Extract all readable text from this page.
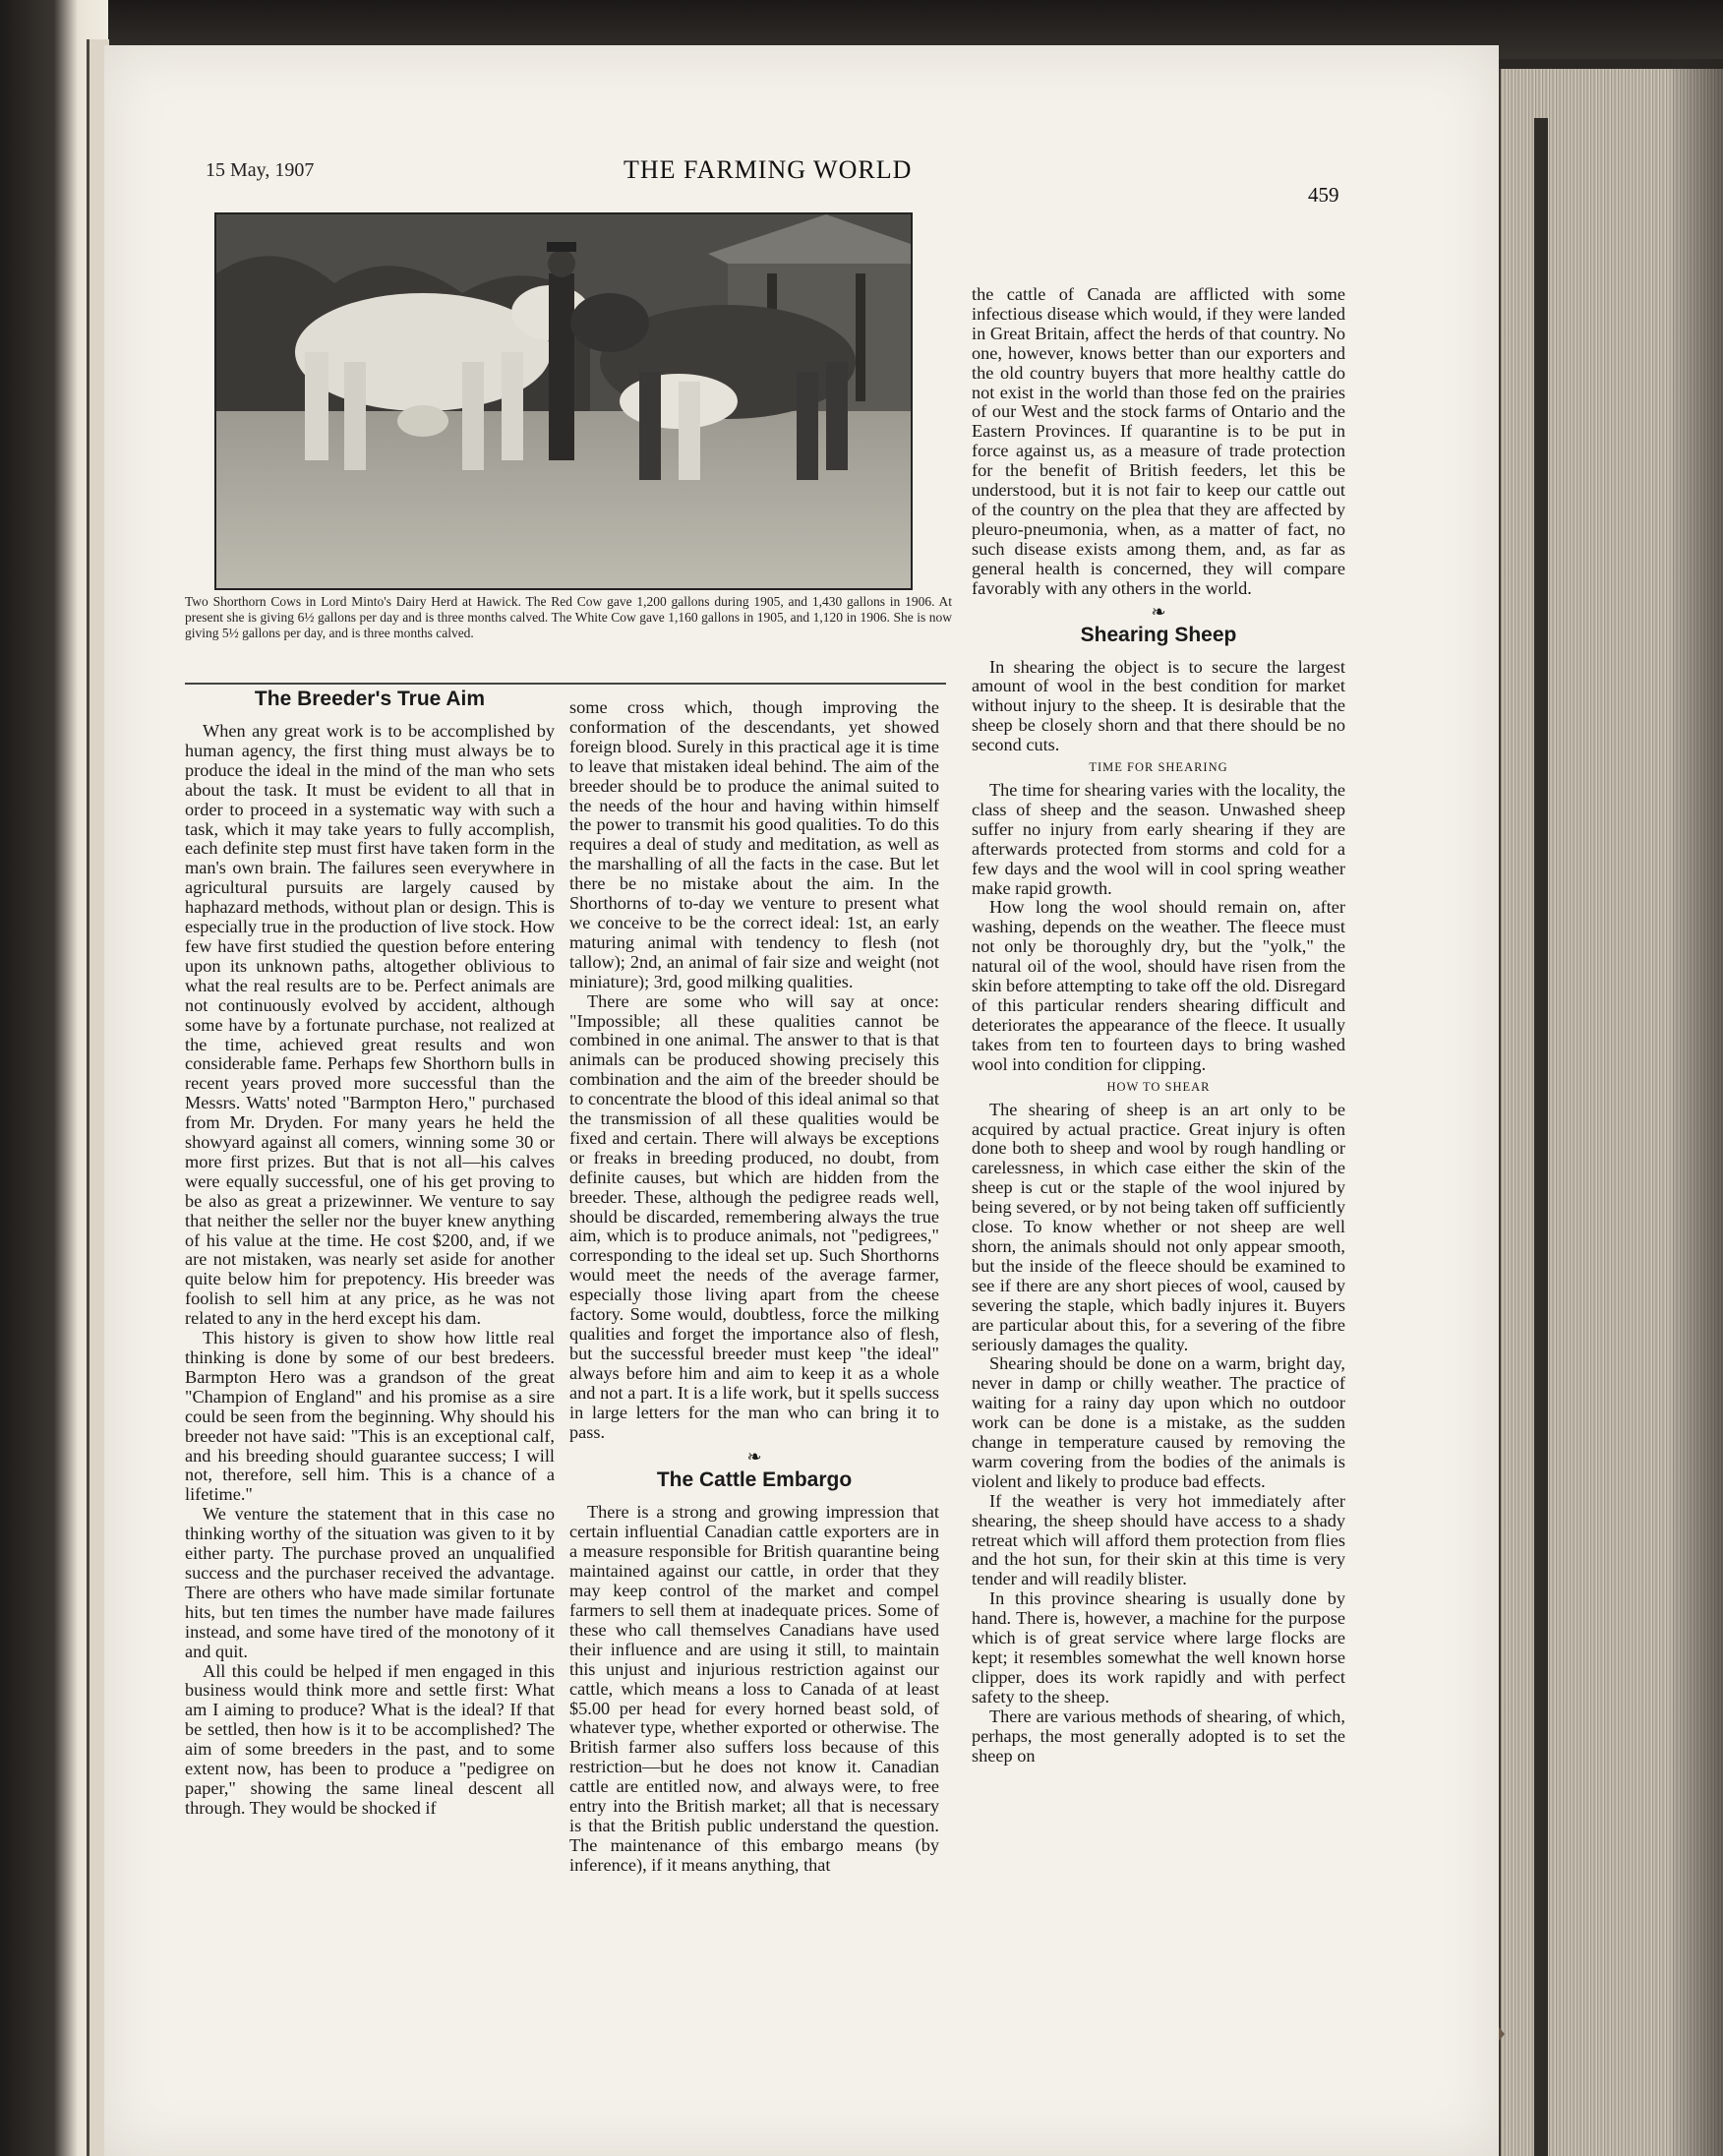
15 May, 1907	THE FARMING WORLD
459
Two Shorthorn Cows in Lord Minto's Dairy Herd at Hawick. The Red Cow gave 1,200 gallons during 1905, and 1,430 gallons in 1906. At present she is giving 6½ gallons per day and is three months calved. The White Cow gave 1,160 gallons in 1905, and 1,120 in 1906. She is now giving 5½ gallons per day, and is three months calved.
The Breeder's True Aim

When any great work is to be accomplished by human agency, the first thing must always be to produce the ideal in the mind of the man who sets about the task. It must be evident to all that in order to proceed in a systematic way with such a task, which it may take years to fully accomplish, each definite step must first have taken form in the man's own brain. The failures seen everywhere in agricultural pursuits are largely caused by haphazard methods, without plan or design. This is especially true in the production of live stock. How few have first studied the question before entering upon its unknown paths, altogether oblivious to what the real results are to be. Perfect animals are not continuously evolved by accident, although some have by a fortunate purchase, not realized at the time, achieved great results and won considerable fame. Perhaps few Shorthorn bulls in recent years proved more successful than the Messrs. Watts' noted "Barmpton Hero," purchased from Mr. Dryden. For many years he held the showyard against all comers, winning some 30 or more first prizes. But that is not all—his calves were equally successful, one of his get proving to be also as great a prizewinner. We venture to say that neither the seller nor the buyer knew anything of his value at the time. He cost $200, and, if we are not mistaken, was nearly set aside for another quite below him for prepotency. His breeder was foolish to sell him at any price, as he was not related to any in the herd except his dam.

This history is given to show how little real thinking is done by some of our best bredeers. Barmpton Hero was a grandson of the great "Champion of England" and his promise as a sire could be seen from the beginning. Why should his breeder not have said: "This is an exceptional calf, and his breeding should guarantee success; I will not, therefore, sell him. This is a chance of a lifetime."

We venture the statement that in this case no thinking worthy of the situation was given to it by either party. The purchase proved an unqualified success and the purchaser received the advantage. There are others who have made similar fortunate hits, but ten times the number have made failures instead, and some have tired of the monotony of it and quit.

All this could be helped if men engaged in this business would think more and settle first: What am I aiming to produce? What is the ideal? If that be settled, then how is it to be accomplished? The aim of some breeders in the past, and to some extent now, has been to produce a "pedigree on paper," showing the same lineal descent all through. They would be shocked if

some cross which, though improving the conformation of the descendants, yet showed foreign blood. Surely in this practical age it is time to leave that mistaken ideal behind. The aim of the breeder should be to produce the animal suited to the needs of the hour and having within himself the power to transmit his good qualities. To do this requires a deal of study and meditation, as well as the marshalling of all the facts in the case. But let there be no mistake about the aim. In the Shorthorns of to-day we venture to present what we conceive to be the correct ideal: 1st, an early maturing animal with tendency to flesh (not tallow); 2nd, an animal of fair size and weight (not miniature); 3rd, good milking qualities.

There are some who will say at once: "Impossible; all these qualities cannot be combined in one animal. The answer to that is that animals can be produced showing precisely this combination and the aim of the breeder should be to concentrate the blood of this ideal animal so that the transmission of all these qualities would be fixed and certain. There will always be exceptions or freaks in breeding produced, no doubt, from definite causes, but which are hidden from the breeder. These, although the pedigree reads well, should be discarded, remembering always the true aim, which is to produce animals, not "pedigrees," corresponding to the ideal set up. Such Shorthorns would meet the needs of the average farmer, especially those living apart from the cheese factory. Some would, doubtless, force the milking qualities and forget the importance also of flesh, but the successful breeder must keep "the ideal" always before him and aim to keep it as a whole and not a part. It is a life work, but it spells success in large letters for the man who can bring it to pass.

❧
The Cattle Embargo

There is a strong and growing impression that certain influential Canadian cattle exporters are in a measure responsible for British quarantine being maintained against our cattle, in order that they may keep control of the market and compel farmers to sell them at inadequate prices. Some of these who call themselves Canadians have used their influence and are using it still, to maintain this unjust and injurious restriction against our cattle, which means a loss to Canada of at least $5.00 per head for every horned beast sold, of whatever type, whether exported or otherwise. The British farmer also suffers loss because of this restriction—but he does not know it. Canadian cattle are entitled now, and always were, to free entry into the British market; all that is necessary is that the British public understand the question. The maintenance of this embargo means (by inference), if it means anything, that

the cattle of Canada are afflicted with some infectious disease which would, if they were landed in Great Britain, affect the herds of that country. No one, however, knows better than our exporters and the old country buyers that more healthy cattle do not exist in the world than those fed on the prairies of our West and the stock farms of Ontario and the Eastern Provinces. If quarantine is to be put in force against us, as a measure of trade protection for the benefit of British feeders, let this be understood, but it is not fair to keep our cattle out of the country on the plea that they are affected by pleuro-pneumonia, when, as a matter of fact, no such disease exists among them, and, as far as general health is concerned, they will compare favorably with any others in the world.

❧
Shearing Sheep

In shearing the object is to secure the largest amount of wool in the best condition for market without injury to the sheep. It is desirable that the sheep be closely shorn and that there should be no second cuts.

TIME FOR SHEARING

The time for shearing varies with the locality, the class of sheep and the season. Unwashed sheep suffer no injury from early shearing if they are afterwards protected from storms and cold for a few days and the wool will in cool spring weather make rapid growth.

How long the wool should remain on, after washing, depends on the weather. The fleece must not only be thoroughly dry, but the "yolk," the natural oil of the wool, should have risen from the skin before attempting to take off the old. Disregard of this particular renders shearing difficult and deteriorates the appearance of the fleece. It usually takes from ten to fourteen days to bring washed wool into condition for clipping.

HOW TO SHEAR

The shearing of sheep is an art only to be acquired by actual practice. Great injury is often done both to sheep and wool by rough handling or carelessness, in which case either the skin of the sheep is cut or the staple of the wool injured by being severed, or by not being taken off sufficiently close. To know whether or not sheep are well shorn, the animals should not only appear smooth, but the inside of the fleece should be examined to see if there are any short pieces of wool, caused by severing the staple, which badly injures it. Buyers are particular about this, for a severing of the fibre seriously damages the quality.

Shearing should be done on a warm, bright day, never in damp or chilly weather. The practice of waiting for a rainy day upon which no outdoor work can be done is a mistake, as the sudden change in temperature caused by removing the warm covering from the bodies of the animals is violent and likely to produce bad effects.

If the weather is very hot immediately after shearing, the sheep should have access to a shady retreat which will afford them protection from flies and the hot sun, for their skin at this time is very tender and will readily blister.

In this province shearing is usually done by hand. There is, however, a machine for the purpose which is of great service where large flocks are kept; it resembles somewhat the well known horse clipper, does its work rapidly and with perfect safety to the sheep.

There are various methods of shearing, of which, perhaps, the most generally adopted is to set the sheep on
